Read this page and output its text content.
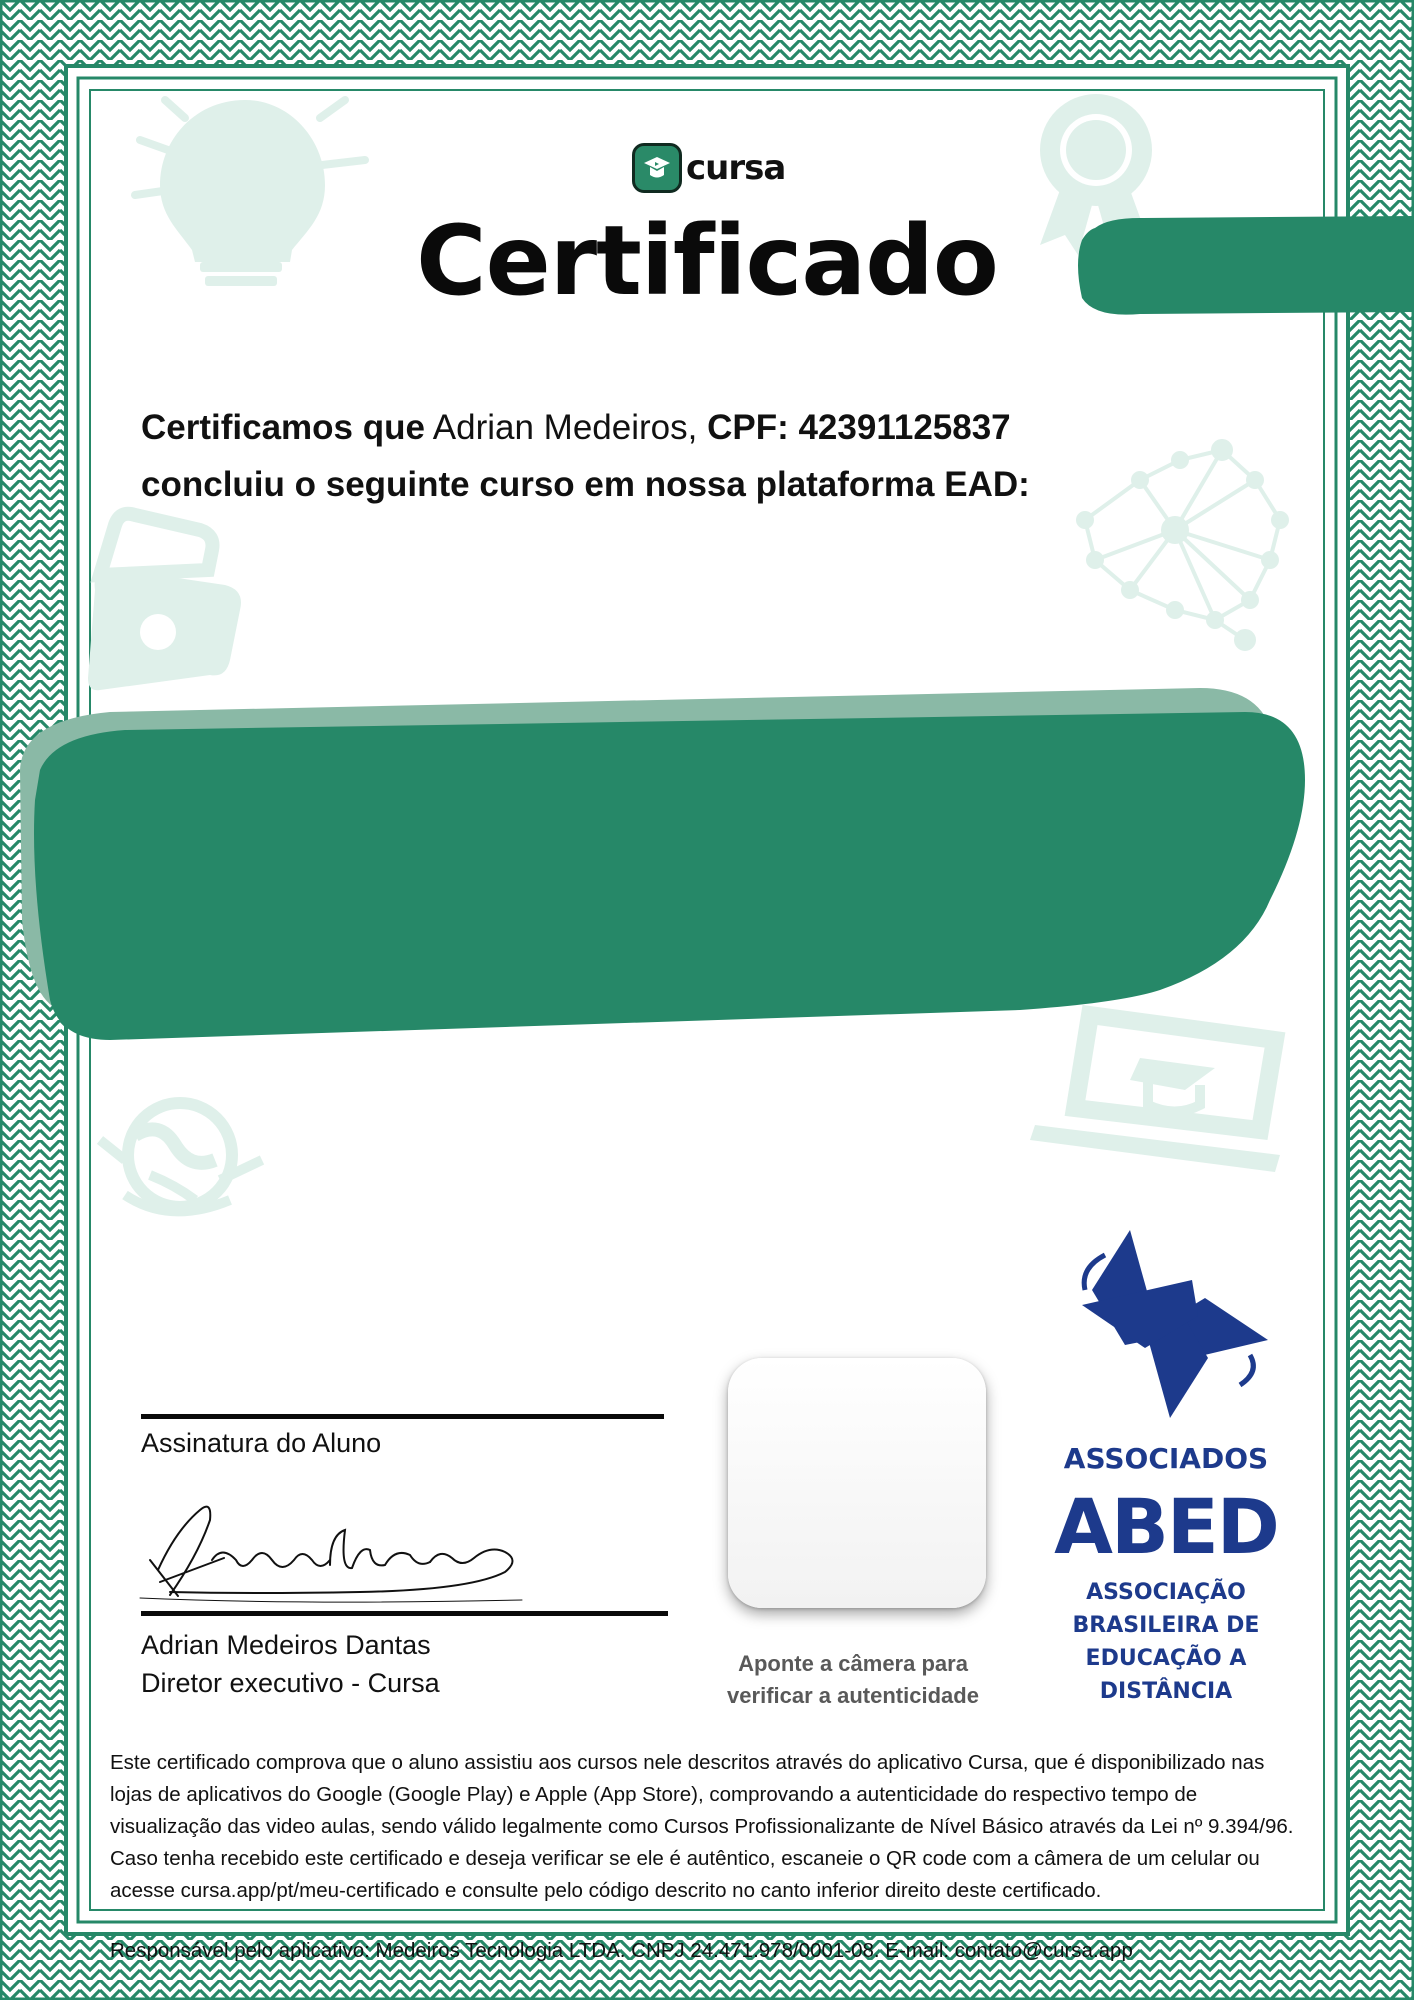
cursa
Certificado
Certificamos que Adrian Medeiros, CPF: 42391125837
concluiu o seguinte curso em nossa plataforma EAD:
Assinatura do Aluno
Adrian Medeiros Dantas
Diretor executivo - Cursa
Aponte a câmera para
verificar a autenticidade
ASSOCIADOS
ABED
ASSOCIAÇÃO
BRASILEIRA DE
EDUCAÇÃO A
DISTÂNCIA
Este certificado comprova que o aluno assistiu aos cursos nele descritos através do aplicativo Cursa, que é disponibilizado nas lojas de aplicativos do Google (Google Play) e Apple (App Store), comprovando a autenticidade do respectivo tempo de visualização das video aulas, sendo válido legalmente como Cursos Profissionalizante de Nível Básico através da Lei nº 9.394/96. Caso tenha recebido este certificado e deseja verificar se ele é autêntico, escaneie o QR code com a câmera de um celular ou acesse cursa.app/pt/meu-certificado e consulte pelo código descrito no canto inferior direito deste certificado.
Responsável pelo aplicativo: Medeiros Tecnologia LTDA. CNPJ 24.471.978/0001-08. E-mail: contato@cursa.app
